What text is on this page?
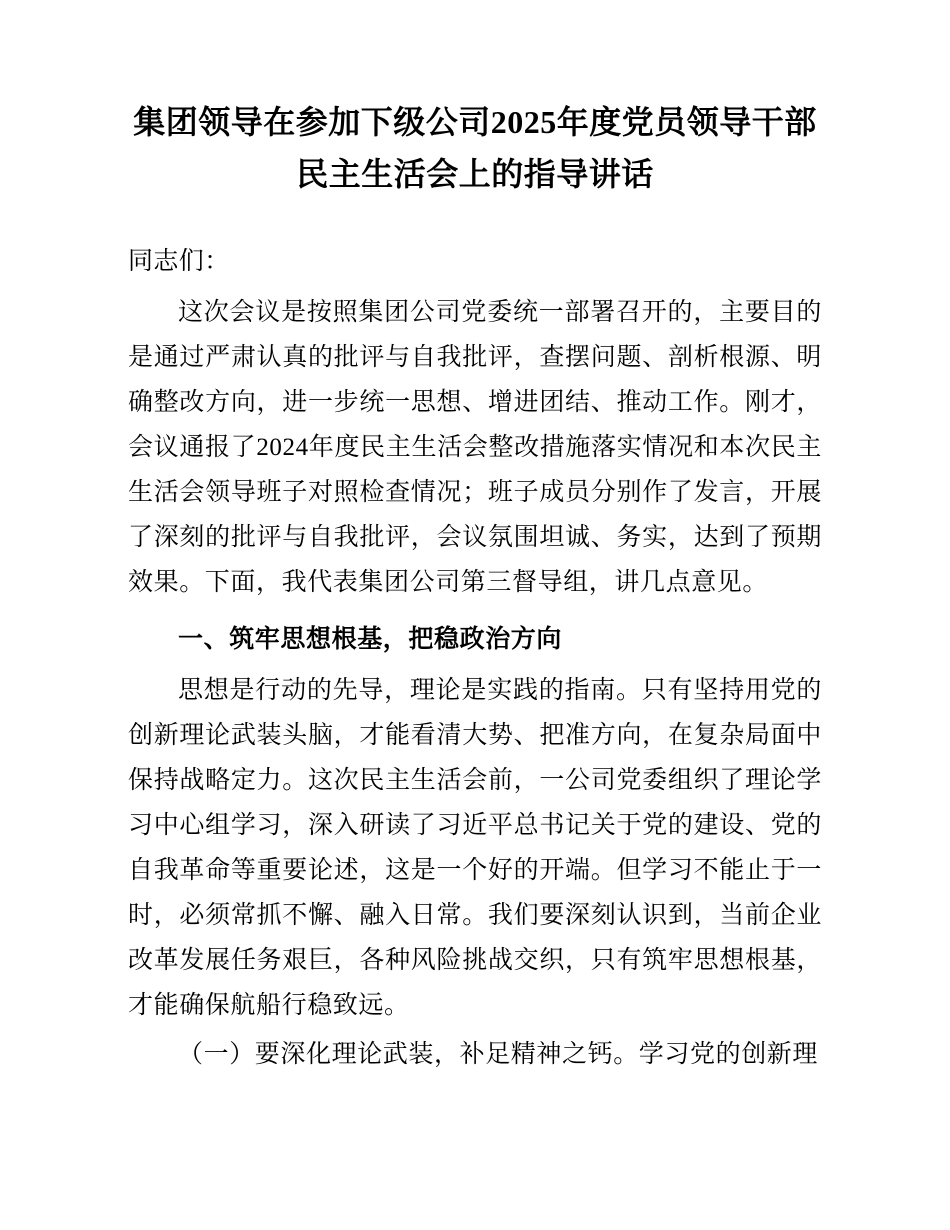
集团领导在参加下级公司2025年度党员领导干部民主生活会上的指导讲话

同志们：

这次会议是按照集团公司党委统一部署召开的，主要目的是通过严肃认真的批评与自我批评，查摆问题、剖析根源、明确整改方向，进一步统一思想、增进团结、推动工作。刚才，会议通报了2024年度民主生活会整改措施落实情况和本次民主生活会领导班子对照检查情况；班子成员分别作了发言，开展了深刻的批评与自我批评，会议氛围坦诚、务实，达到了预期效果。下面，我代表集团公司第三督导组，讲几点意见。

一、筑牢思想根基，把稳政治方向

思想是行动的先导，理论是实践的指南。只有坚持用党的创新理论武装头脑，才能看清大势、把准方向，在复杂局面中保持战略定力。这次民主生活会前，一公司党委组织了理论学习中心组学习，深入研读了习近平总书记关于党的建设、党的自我革命等重要论述，这是一个好的开端。但学习不能止于一时，必须常抓不懈、融入日常。我们要深刻认识到，当前企业改革发展任务艰巨，各种风险挑战交织，只有筑牢思想根基，才能确保航船行稳致远。

（一）要深化理论武装，补足精神之钙。学习党的创新理
